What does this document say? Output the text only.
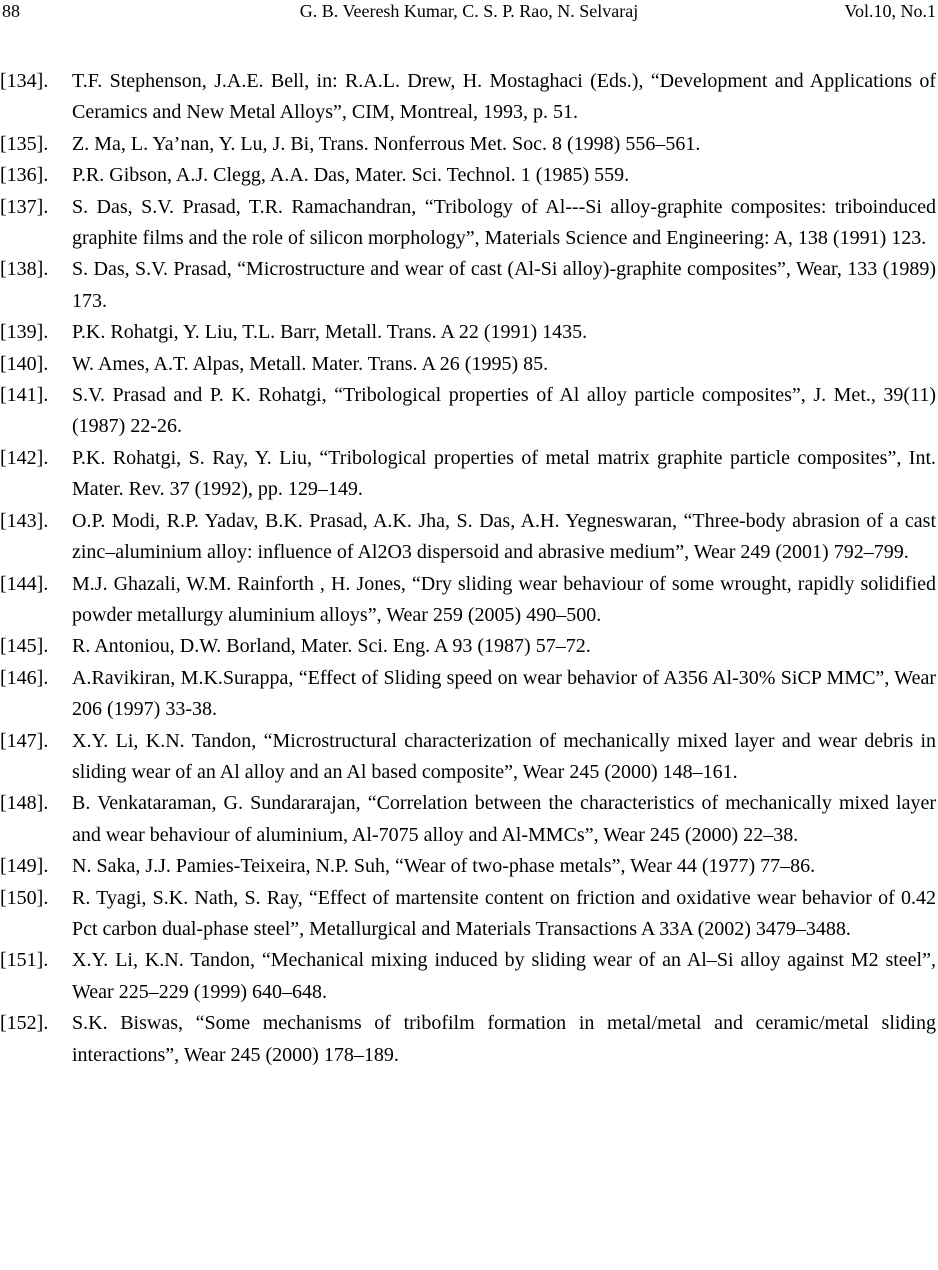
88	G. B. Veeresh Kumar, C. S. P. Rao, N. Selvaraj	Vol.10, No.1
[134].	T.F. Stephenson, J.A.E. Bell, in: R.A.L. Drew, H. Mostaghaci (Eds.), “Development and Applications of Ceramics and New Metal Alloys”, CIM, Montreal, 1993, p. 51.
[135].	Z. Ma, L. Ya’nan, Y. Lu, J. Bi, Trans. Nonferrous Met. Soc. 8 (1998) 556–561.
[136].	P.R. Gibson, A.J. Clegg, A.A. Das, Mater. Sci. Technol. 1 (1985) 559.
[137].	S. Das, S.V. Prasad, T.R. Ramachandran, “Tribology of Al---Si alloy-graphite composites: triboinduced graphite films and the role of silicon morphology”, Materials Science and Engineering: A, 138 (1991) 123.
[138].	S. Das, S.V. Prasad, “Microstructure and wear of cast (Al-Si alloy)-graphite composites”, Wear, 133 (1989) 173.
[139].	P.K. Rohatgi, Y. Liu, T.L. Barr, Metall. Trans. A 22 (1991) 1435.
[140].	W. Ames, A.T. Alpas, Metall. Mater. Trans. A 26 (1995) 85.
[141].	S.V. Prasad and P. K. Rohatgi, “Tribological properties of Al alloy particle composites”, J. Met., 39(11) (1987) 22-26.
[142].	P.K. Rohatgi, S. Ray, Y. Liu, “Tribological properties of metal matrix graphite particle composites”, Int. Mater. Rev. 37 (1992), pp. 129–149.
[143].	O.P. Modi, R.P. Yadav, B.K. Prasad, A.K. Jha, S. Das, A.H. Yegneswaran, “Three-body abrasion of a cast zinc–aluminium alloy: influence of Al2O3 dispersoid and abrasive medium”, Wear 249 (2001) 792–799.
[144].	M.J. Ghazali, W.M. Rainforth , H. Jones, “Dry sliding wear behaviour of some wrought, rapidly solidified powder metallurgy aluminium alloys”, Wear 259 (2005) 490–500.
[145].	R. Antoniou, D.W. Borland, Mater. Sci. Eng. A 93 (1987) 57–72.
[146].	A.Ravikiran, M.K.Surappa, “Effect of Sliding speed on wear behavior of A356 Al-30% SiCP MMC”, Wear 206 (1997) 33-38.
[147].	X.Y. Li, K.N. Tandon, “Microstructural characterization of mechanically mixed layer and wear debris in sliding wear of an Al alloy and an Al based composite”, Wear 245 (2000) 148–161.
[148].	B. Venkataraman, G. Sundararajan, “Correlation between the characteristics of mechanically mixed layer and wear behaviour of aluminium, Al-7075 alloy and Al-MMCs”, Wear 245 (2000) 22–38.
[149].	N. Saka, J.J. Pamies-Teixeira, N.P. Suh, “Wear of two-phase metals”, Wear 44 (1977) 77–86.
[150].	R. Tyagi, S.K. Nath, S. Ray, “Effect of martensite content on friction and oxidative wear behavior of 0.42 Pct carbon dual-phase steel”, Metallurgical and Materials Transactions A 33A (2002) 3479–3488.
[151].	X.Y. Li, K.N. Tandon, “Mechanical mixing induced by sliding wear of an Al–Si alloy against M2 steel”, Wear 225–229 (1999) 640–648.
[152].	S.K. Biswas, “Some mechanisms of tribofilm formation in metal/metal and ceramic/metal sliding interactions”, Wear 245 (2000) 178–189.
